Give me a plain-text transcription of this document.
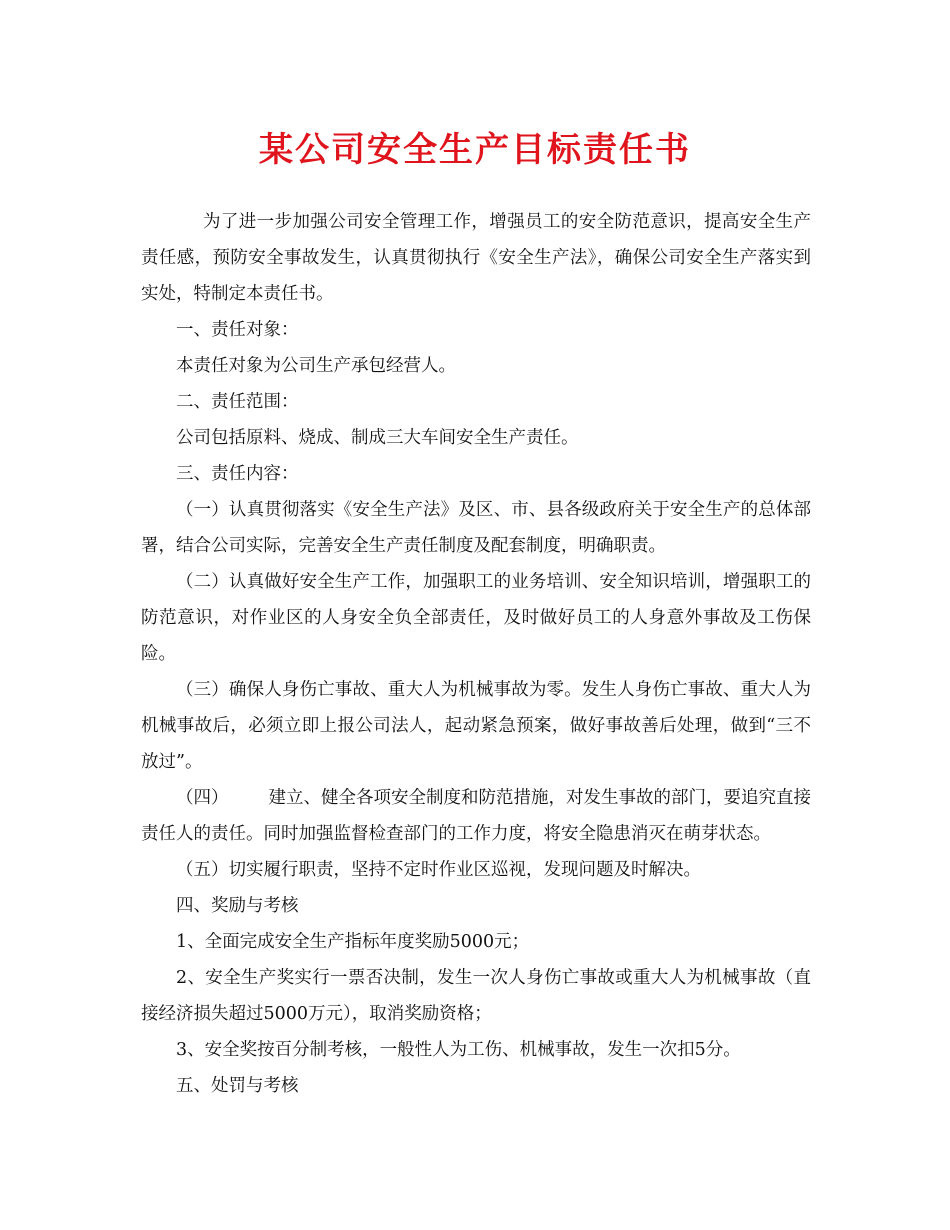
某公司安全生产目标责任书

为了进一步加强公司安全管理工作，增强员工的安全防范意识，提高安全生产责任感，预防安全事故发生，认真贯彻执行《安全生产法》，确保公司安全生产落实到实处，特制定本责任书。

一、责任对象：

本责任对象为公司生产承包经营人。

二、责任范围：

公司包括原料、烧成、制成三大车间安全生产责任。

三、责任内容：

（一）认真贯彻落实《安全生产法》及区、市、县各级政府关于安全生产的总体部署，结合公司实际，完善安全生产责任制度及配套制度，明确职责。

（二）认真做好安全生产工作，加强职工的业务培训、安全知识培训，增强职工的防范意识，对作业区的人身安全负全部责任，及时做好员工的人身意外事故及工伤保险。

（三）确保人身伤亡事故、重大人为机械事故为零。发生人身伤亡事故、重大人为机械事故后，必须立即上报公司法人，起动紧急预案，做好事故善后处理，做到“三不放过”。

（四） 建立、健全各项安全制度和防范措施，对发生事故的部门，要追究直接责任人的责任。同时加强监督检查部门的工作力度，将安全隐患消灭在萌芽状态。

（五）切实履行职责，坚持不定时作业区巡视，发现问题及时解决。

四、奖励与考核

1、全面完成安全生产指标年度奖励5000元；

2、安全生产奖实行一票否决制，发生一次人身伤亡事故或重大人为机械事故（直接经济损失超过5000万元），取消奖励资格；

3、安全奖按百分制考核，一般性人为工伤、机械事故，发生一次扣5分。

五、处罚与考核
